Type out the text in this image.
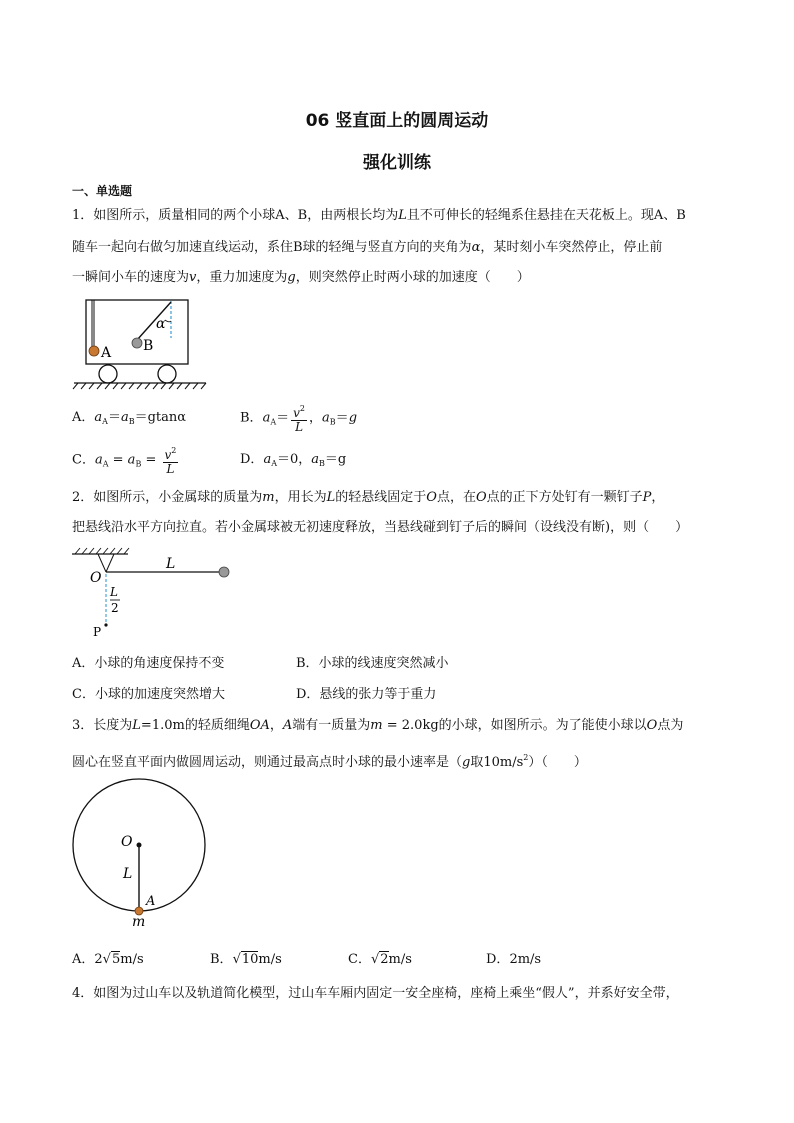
06 竖直面上的圆周运动
强化训练
一、单选题
1．如图所示，质量相同的两个小球A、B，由两根长均为L且不可伸长的轻绳系住悬挂在天花板上。现A、B
随车一起向右做匀加速直线运动，系住B球的轻绳与竖直方向的夹角为α，某时刻小车突然停止，停止前
一瞬间小车的速度为v，重力加速度为g，则突然停止时两小球的加速度（　　）
A B
α
A．$a_A=a_B=gtan\alpha$	B．$a_A= \frac{v^2}{L}$ ，$a_B=g$
C．$a_A = a_B = \frac{v^2}{L}$	D．$a_A=0$，$a_B=g$
2．如图所示，小金属球的质量为m，用长为L的轻悬线固定于O点，在O点的正下方处钉有一颗钉子P，
把悬线沿水平方向拉直。若小金属球被无初速度释放，当悬线碰到钉子后的瞬间（设线没有断)，则（　　）
O
L
L
2
P
A．小球的角速度保持不变	B．小球的线速度突然减小
C．小球的加速度突然增大	D．悬线的张力等于重力
3．长度为L=1.0m的轻质细绳OA，A端有一质量为m = 2.0kg的小球，如图所示。为了能使小球以O点为
圆心在竖直平面内做圆周运动，则通过最高点时小球的最小速率是（g取$10m/s^2$）（　　）
O
L
A
m
A．2√5m/s	B．√10m/s	C．√2m/s	D．2m/s
4．如图为过山车以及轨道简化模型，过山车车厢内固定一安全座椅，座椅上乘坐“假人”，并系好安全带，
